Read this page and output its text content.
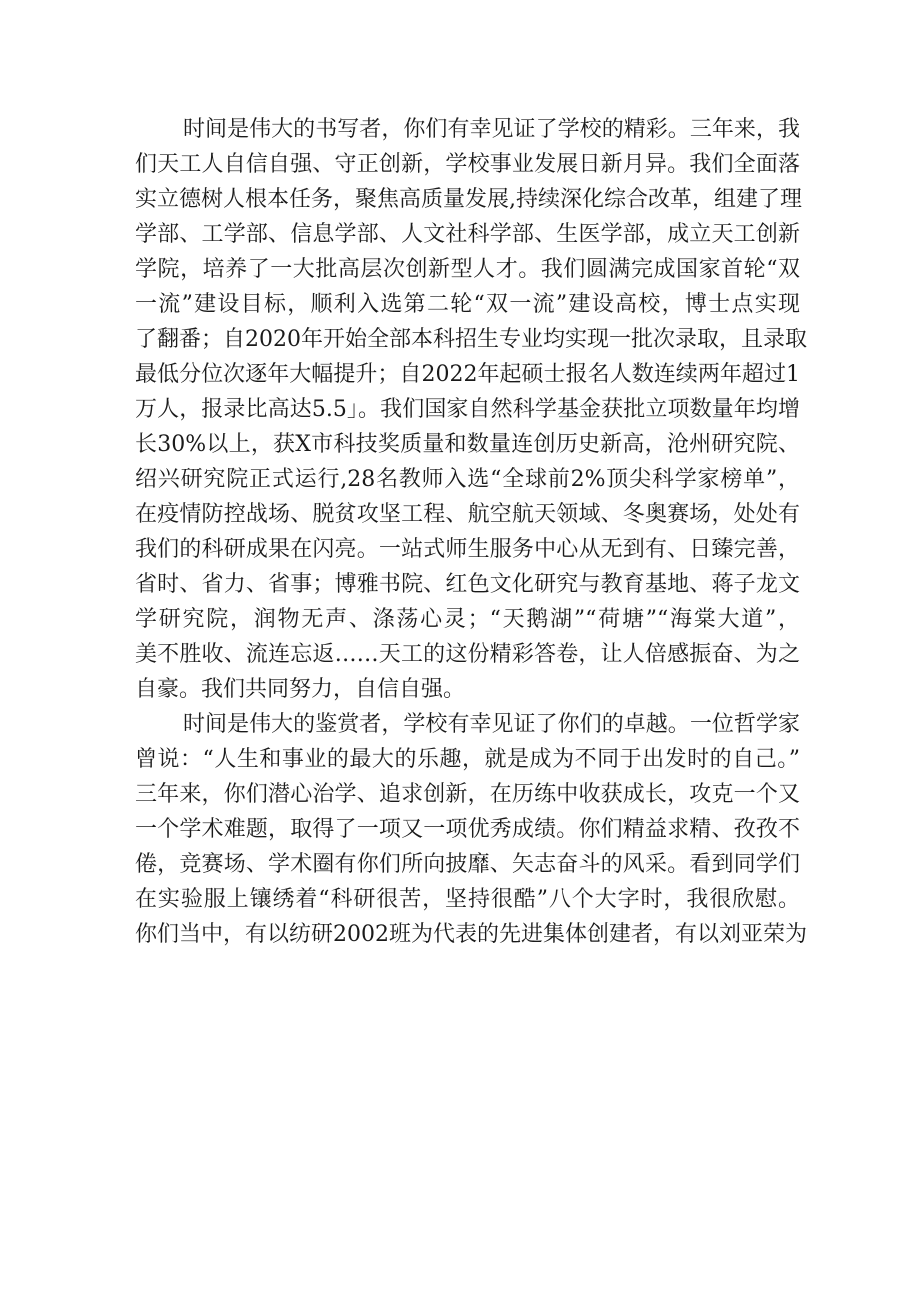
时间是伟大的书写者，你们有幸见证了学校的精彩。三年来，我
们天工人自信自强、守正创新，学校事业发展日新月异。我们全面落
实立德树人根本任务，聚焦高质量发展,持续深化综合改革，组建了理
学部、工学部、信息学部、人文社科学部、生医学部，成立天工创新
学院，培养了一大批高层次创新型人才。我们圆满完成国家首轮“双
一流”建设目标，顺利入选第二轮“双一流”建设高校，博士点实现
了翻番；自2020年开始全部本科招生专业均实现一批次录取，且录取
最低分位次逐年大幅提升；自2022年起硕士报名人数连续两年超过1
万人，报录比高达5.5」。我们国家自然科学基金获批立项数量年均增
长30%以上，获X市科技奖质量和数量连创历史新高，沧州研究院、
绍兴研究院正式运行,28名教师入选“全球前2%顶尖科学家榜单”，
在疫情防控战场、脱贫攻坚工程、航空航天领域、冬奥赛场，处处有
我们的科研成果在闪亮。一站式师生服务中心从无到有、日臻完善，
省时、省力、省事；博雅书院、红色文化研究与教育基地、蒋子龙文
学研究院，润物无声、涤荡心灵；“天鹅湖”“荷塘”“海棠大道”，
美不胜收、流连忘返……天工的这份精彩答卷，让人倍感振奋、为之
自豪。我们共同努力，自信自强。
时间是伟大的鉴赏者，学校有幸见证了你们的卓越。一位哲学家
曾说：“人生和事业的最大的乐趣，就是成为不同于出发时的自己。”
三年来，你们潜心治学、追求创新，在历练中收获成长，攻克一个又
一个学术难题，取得了一项又一项优秀成绩。你们精益求精、孜孜不
倦，竞赛场、学术圈有你们所向披靡、矢志奋斗的风采。看到同学们
在实验服上镶绣着“科研很苦，坚持很酷”八个大字时，我很欣慰。
你们当中，有以纺研2002班为代表的先进集体创建者，有以刘亚荣为
